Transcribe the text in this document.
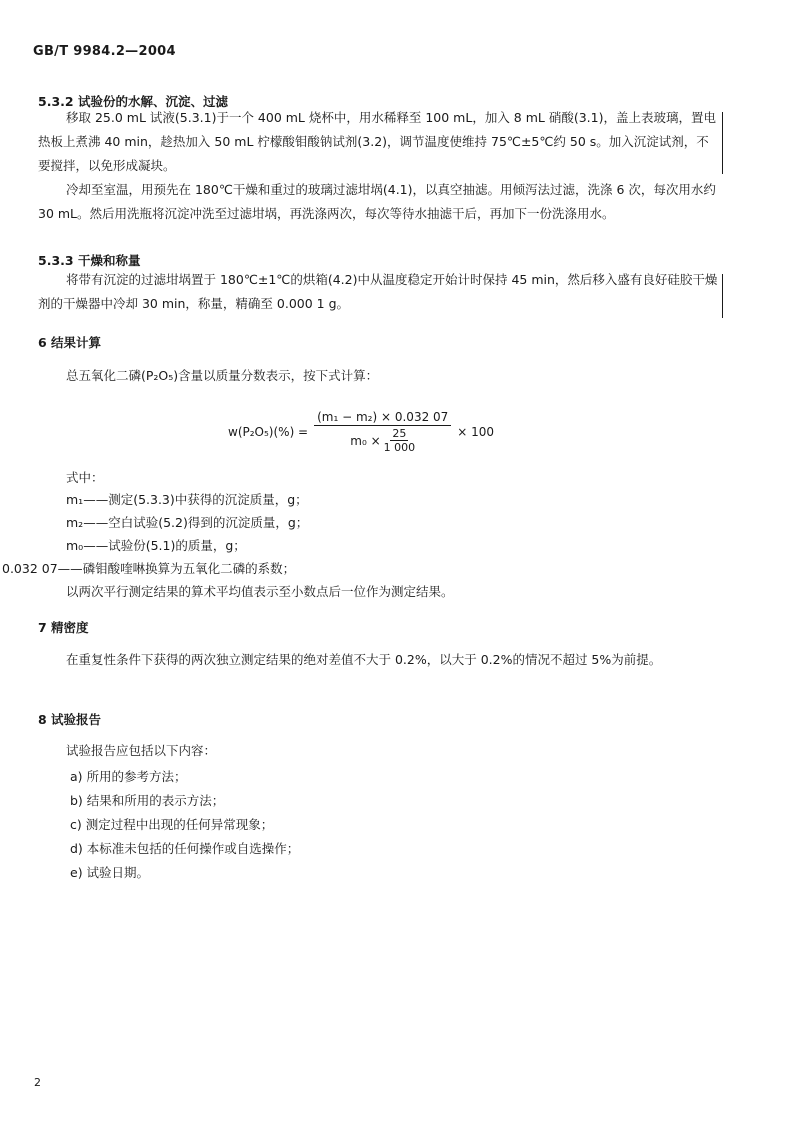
GB/T 9984.2—2004
5.3.2 试验份的水解、沉淀、过滤
移取 25.0 mL 试液(5.3.1)于一个 400 mL 烧杯中，用水稀释至 100 mL，加入 8 mL 硝酸(3.1)，盖上表玻璃，置电热板上煮沸 40 min，趁热加入 50 mL 柠檬酸钼酸钠试剂(3.2)，调节温度使维持 75℃±5℃约 50 s。加入沉淀试剂，不要搅拌，以免形成凝块。
冷却至室温，用预先在 180℃干燥和重过的玻璃过滤坩埚(4.1)，以真空抽滤。用倾泻法过滤，洗涤 6 次，每次用水约 30 mL。然后用洗瓶将沉淀冲洗至过滤坩埚，再洗涤两次，每次等待水抽滤干后，再加下一份洗涤用水。
5.3.3 干燥和称量
将带有沉淀的过滤坩埚置于 180℃±1℃的烘箱(4.2)中从温度稳定开始计时保持 45 min，然后移入盛有良好硅胶干燥剂的干燥器中冷却 30 min，称量，精确至 0.000 1 g。
6 结果计算
总五氧化二磷(P₂O₅)含量以质量分数表示，按下式计算：
$w(P_2O_5)(\%) = \frac{\text{(m₁ − m₂) × 0.032 07}}{m_0 \times \frac{25}{1 000}} \times 100$
式中：
m₁——测定(5.3.3)中获得的沉淀质量，g；
m₂——空白试验(5.2)得到的沉淀质量，g；
m₀——试验份(5.1)的质量，g；
0.032 07——磷钼酸喹啉换算为五氧化二磷的系数；
以两次平行测定结果的算术平均值表示至小数点后一位作为测定结果。
7 精密度
在重复性条件下获得的两次独立测定结果的绝对差值不大于 0.2%，以大于 0.2%的情况不超过 5%为前提。
8 试验报告
试验报告应包括以下内容：
a) 所用的参考方法；
b) 结果和所用的表示方法；
c) 测定过程中出现的任何异常现象；
d) 本标准未包括的任何操作或自选操作；
e) 试验日期。
2
